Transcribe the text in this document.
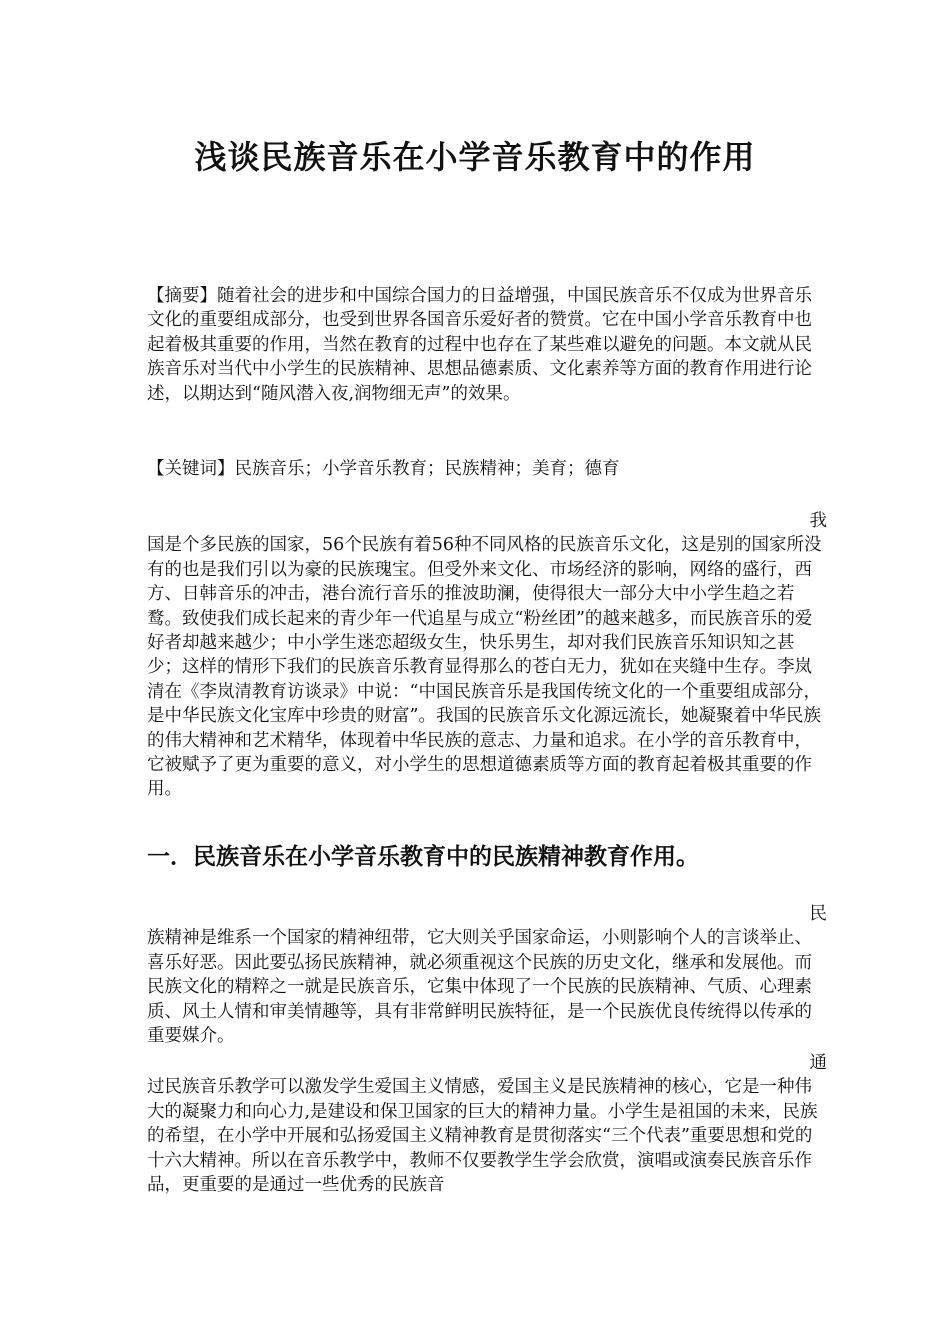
浅谈民族音乐在小学音乐教育中的作用

【摘要】随着社会的进步和中国综合国力的日益增强，中国民族音乐不仅成为世界音乐文化的重要组成部分，也受到世界各国音乐爱好者的赞赏。它在中国小学音乐教育中也起着极其重要的作用，当然在教育的过程中也存在了某些难以避免的问题。本文就从民族音乐对当代中小学生的民族精神、思想品德素质、文化素养等方面的教育作用进行论述，以期达到“随风潜入夜,润物细无声”的效果。

【关键词】民族音乐；小学音乐教育；民族精神；美育；德育

我
国是个多民族的国家，56个民族有着56种不同风格的民族音乐文化，这是别的国家所没有的也是我们引以为豪的民族瑰宝。但受外来文化、市场经济的影响，网络的盛行，西方、日韩音乐的冲击，港台流行音乐的推波助澜，使得很大一部分大中小学生趋之若鹜。致使我们成长起来的青少年一代追星与成立“粉丝团”的越来越多，而民族音乐的爱好者却越来越少；中小学生迷恋超级女生，快乐男生，却对我们民族音乐知识知之甚少；这样的情形下我们的民族音乐教育显得那么的苍白无力，犹如在夹缝中生存。李岚清在《李岚清教育访谈录》中说：“中国民族音乐是我国传统文化的一个重要组成部分，是中华民族文化宝库中珍贵的财富”。我国的民族音乐文化源远流长，她凝聚着中华民族的伟大精神和艺术精华，体现着中华民族的意志、力量和追求。在小学的音乐教育中，它被赋予了更为重要的意义，对小学生的思想道德素质等方面的教育起着极其重要的作用。
一．民族音乐在小学音乐教育中的民族精神教育作用。
民
族精神是维系一个国家的精神纽带，它大则关乎国家命运，小则影响个人的言谈举止、喜乐好恶。因此要弘扬民族精神，就必须重视这个民族的历史文化，继承和发展他。而民族文化的精粹之一就是民族音乐，它集中体现了一个民族的民族精神、气质、心理素质、风土人情和审美情趣等，具有非常鲜明民族特征，是一个民族优良传统得以传承的重要媒介。
通
过民族音乐教学可以激发学生爱国主义情感，爱国主义是民族精神的核心，它是一种伟大的凝聚力和向心力,是建设和保卫国家的巨大的精神力量。小学生是祖国的未来，民族的希望，在小学中开展和弘扬爱国主义精神教育是贯彻落实“三个代表”重要思想和党的十六大精神。所以在音乐教学中，教师不仅要教学生学会欣赏，演唱或演奏民族音乐作品，更重要的是通过一些优秀的民族音
